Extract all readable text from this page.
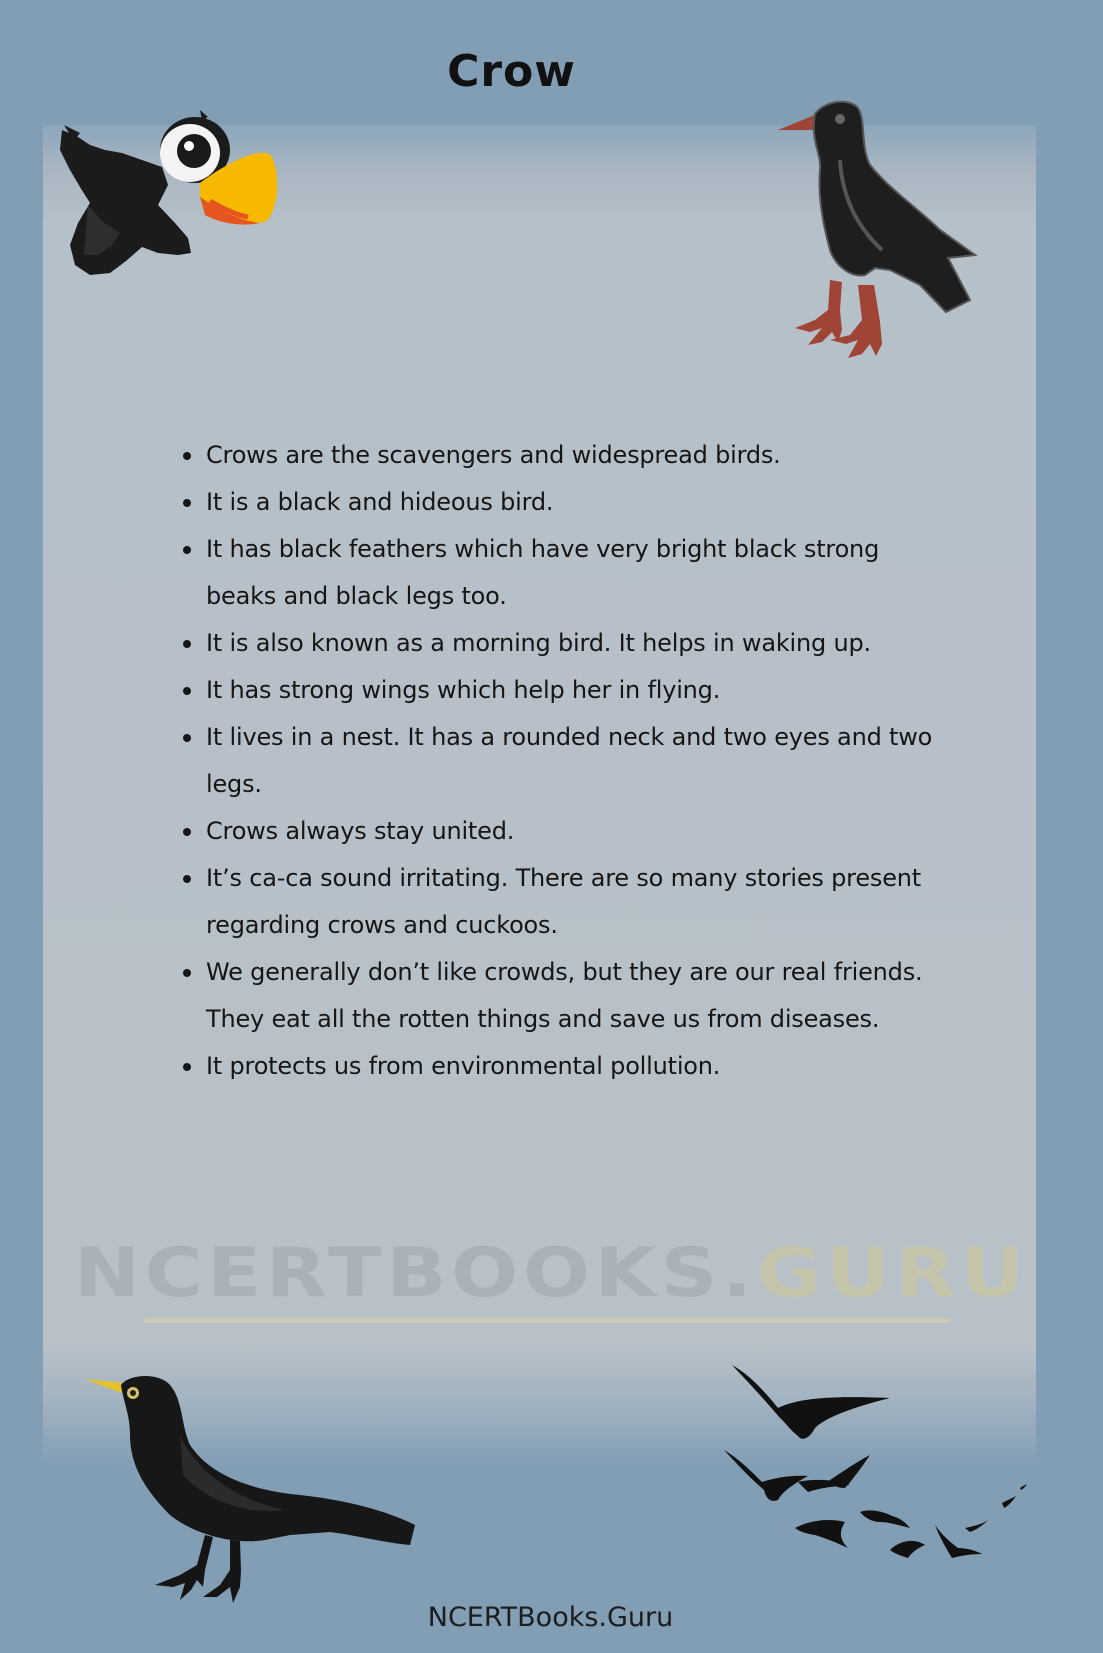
Crow
Crows are the scavengers and widespread birds.
It is a black and hideous bird.
It has black feathers which have very bright black strong beaks and black legs too.
It is also known as a morning bird. It helps in waking up.
It has strong wings which help her in flying.
It lives in a nest. It has a rounded neck and two eyes and two legs.
Crows always stay united.
It’s ca-ca sound irritating. There are so many stories present regarding crows and cuckoos.
We generally don’t like crowds, but they are our real friends. They eat all the rotten things and save us from diseases.
It protects us from environmental pollution.
NCERTBOOKS. GURU
NCERTBooks.Guru
